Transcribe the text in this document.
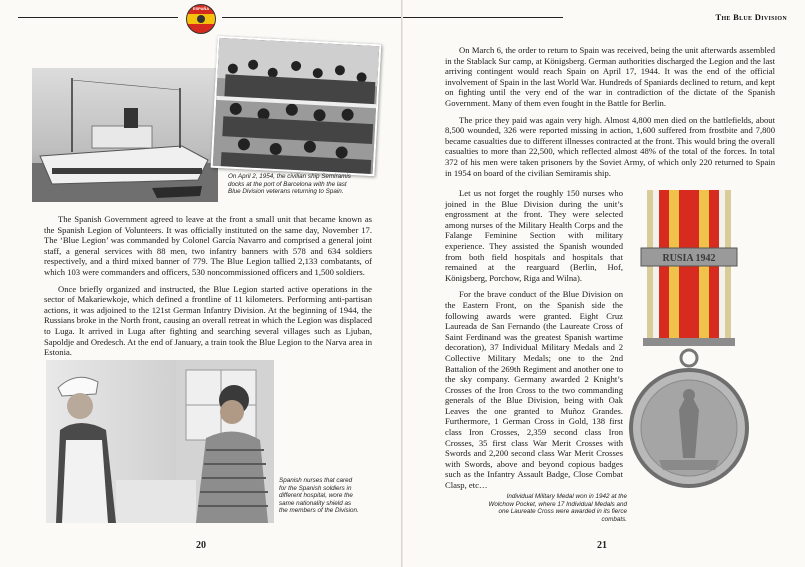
On April 2, 1954, the civilian ship Semiramis docks at the port of Barcelona with the last Blue Division veterans returning to Spain.

The Spanish Government agreed to leave at the front a small unit that became known as the Spanish Legion of Volunteers. It was officially instituted on the same day, November 17. The ‘Blue Legion’ was commanded by Colonel García Navarro and comprised a general joint staff, a general services with 88 men, two infantry banners with 578 and 634 soldiers respectively, and a third mixed banner of 779. The Blue Legion tallied 2,133 combatants, of which 103 were commanders and officers, 530 noncommissioned officers and 1,500 soldiers.

Once briefly organized and instructed, the Blue Legion started active operations in the sector of Makariewkoje, which defined a frontline of 11 kilometers. Performing anti-partisan actions, it was adjoined to the 121st German Infantry Division. At the beginning of 1944, the Russians broke in the North front, causing an overall retreat in which the Legion was displaced to Luga. It arrived in Luga after fighting and searching several villages such as Ljuban, Sapoldje and Oredesch. At the end of January, a train took the Blue Legion to the Narva area in Estonia.

Spanish nurses that cared for the Spanish soldiers in different hospital, wore the same nationality shield as the members of the Division.

20
ESPAÑA
The Blue Division

On March 6, the order to return to Spain was received, being the unit afterwards assembled in the Stablack Sur camp, at Königsberg. German authorities discharged the Legion and the last arriving contingent would reach Spain on April 17, 1944. It was the end of the official involvement of Spain in the last World War. Hundreds of Spaniards declined to return, and kept on fighting until the very end of the war in contradiction of the dictate of the Spanish Government. Many of them even fought in the Battle for Berlin.

The price they paid was again very high. Almost 4,800 men died on the battlefields, about 8,500 wounded, 326 were reported missing in action, 1,600 suffered from frostbite and 7,800 became casualties due to different illnesses contracted at the front. This would bring the overall casualties to more than 22,500, which reflected almost 48% of the total of the forces. In total 372 of his men were taken prisoners by the Soviet Army, of which only 220 returned to Spain in 1954 on board of the civilian Semiramis ship.

Let us not forget the roughly 150 nurses who joined in the Blue Division during the unit’s engrossment at the front. They were selected among nurses of the Military Health Corps and the Falange Feminine Section with military experience. They assisted the Spanish wounded from both field hospitals and hospitals that remained at the rearguard (Berlin, Hof, Königsberg, Porchow, Riga and Wilna).

For the brave conduct of the Blue Division on the Eastern Front, on the Spanish side the following awards were granted. Eight Cruz Laureada de San Fernando (the Laureate Cross of Saint Ferdinand was the greatest Spanish wartime decoration), 37 Individual Military Medals and 2 Collective Military Medals; one to the 2nd Battalion of the 269th Regiment and another one to the sky company. Germany awarded 2 Knight’s Crosses of the Iron Cross to the two commanding generals of the Blue Division, being with Oak Leaves the one granted to Muñoz Grandes. Furthermore, 1 German Cross in Gold, 138 first class Iron Crosses, 2,359 second class Iron Crosses, 35 first class War Merit Crosses with Swords and 2,200 second class War Merit Crosses with Swords, above and beyond copious badges such as the Infantry Assault Badge, Close Combat Clasp, etc…

RUSIA 1942

Individual Military Medal won in 1942 at the Wolchow Pocket, where 17 Individual Medals and one Laureate Cross were awarded in its fierce combats.

21
